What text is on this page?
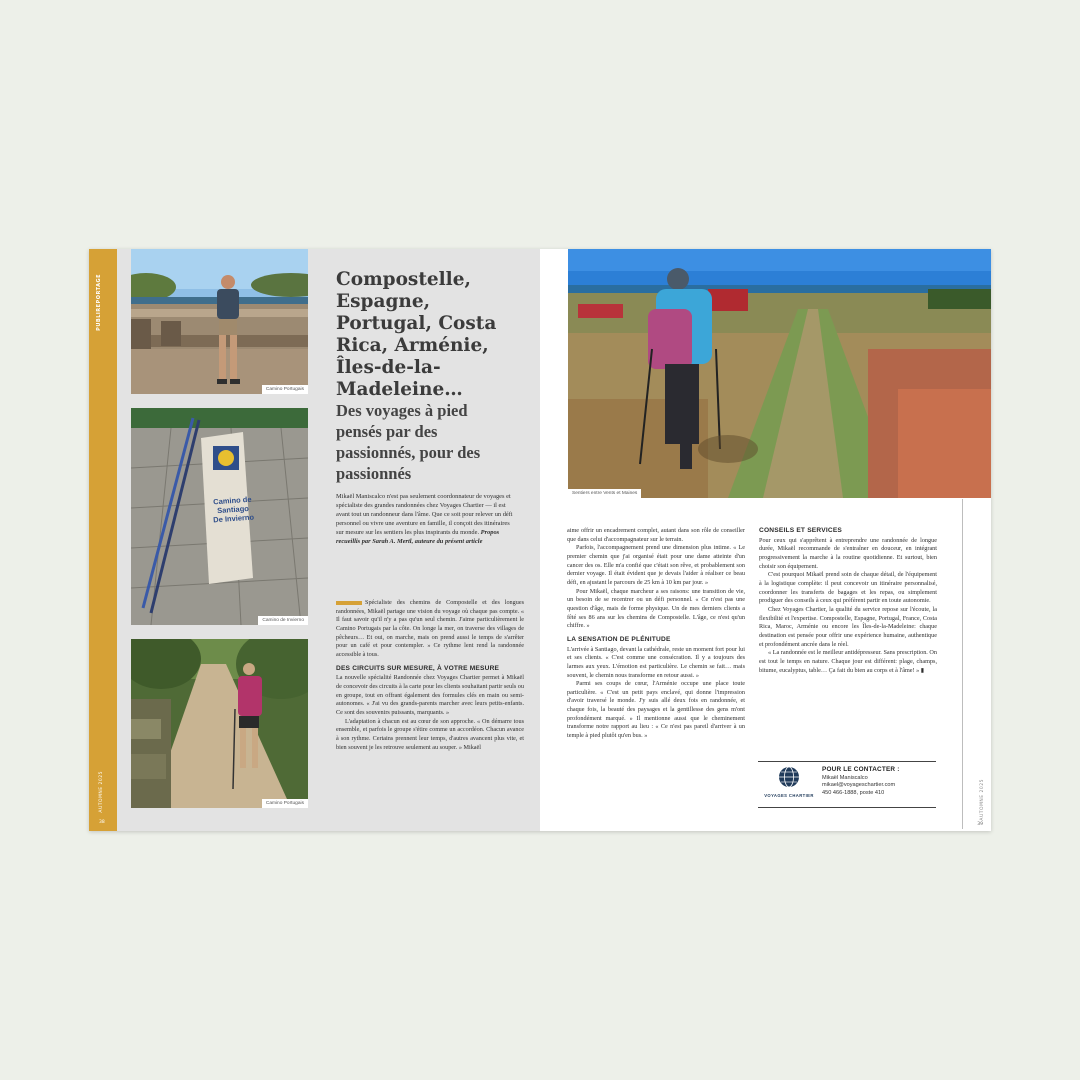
PUBLIREPORTAGE
AUTOMNE 2025
38
Camino Portugais
Camino de
Santiago
De Invierno
Camino de Invierno
Camino Portugais
Compostelle, Espagne, Portugal, Costa Rica, Arménie, Îles-de-la-Madeleine…
Des voyages à pied pensés par des passionnés, pour des passionnés
Mikaël Maniscalco n'est pas seulement coordonnateur de voyages et spécialiste des grandes randonnées chez Voyages Chartier — il est avant tout un randonneur dans l'âme. Que ce soit pour relever un défi personnel ou vivre une aventure en famille, il conçoit des itinéraires sur mesure sur les sentiers les plus inspirants du monde. Propos recueillis par Sarah A. Mertl, auteure du présent article

Spécialiste des chemins de Compostelle et des longues randonnées, Mikaël partage une vision du voyage où chaque pas compte. « Il faut savoir qu'il n'y a pas qu'un seul chemin. J'aime particulièrement le Camino Portugais par la côte. On longe la mer, on traverse des villages de pêcheurs… Et oui, on marche, mais on prend aussi le temps de s'arrêter pour un café et pour contempler. » Ce rythme lent rend la randonnée accessible à tous.

DES CIRCUITS SUR MESURE, À VOTRE MESURE

La nouvelle spécialité Randonnée chez Voyages Chartier permet à Mikaël de concevoir des circuits à la carte pour les clients souhaitant partir seuls ou en groupe, tout en offrant également des formules clés en main ou semi-autonomes. « J'ai vu des grands-parents marcher avec leurs petits-enfants. Ce sont des souvenirs puissants, marquants. »

L'adaptation à chacun est au cœur de son approche. « On démarre tous ensemble, et parfois le groupe s'étire comme un accordéon. Chacun avance à son rythme. Certains prennent leur temps, d'autres avancent plus vite, et bien souvent je les retrouve seulement au souper. » Mikaël

Sentiers entre Vents et Maines

aime offrir un encadrement complet, autant dans son rôle de conseiller que dans celui d'accompagnateur sur le terrain.

Parfois, l'accompagnement prend une dimension plus intime. « Le premier chemin que j'ai organisé était pour une dame atteinte d'un cancer des os. Elle m'a confié que c'était son rêve, et probablement son dernier voyage. Il était évident que je devais l'aider à réaliser ce beau défi, en ajustant le parcours de 25 km à 10 km par jour. »

Pour Mikaël, chaque marcheur a ses raisons: une transition de vie, un besoin de se recentrer ou un défi personnel. « Ce n'est pas une question d'âge, mais de forme physique. Un de mes derniers clients a fêté ses 86 ans sur les chemins de Compostelle. L'âge, ce n'est qu'un chiffre. »

LA SENSATION DE PLÉNITUDE

L'arrivée à Santiago, devant la cathédrale, reste un moment fort pour lui et ses clients. « C'est comme une consécration. Il y a toujours des larmes aux yeux. L'émotion est particulière. Le chemin se fait… mais souvent, le chemin nous transforme en retour aussi. »

Parmi ses coups de cœur, l'Arménie occupe une place toute particulière. « C'est un petit pays enclavé, qui donne l'impression d'avoir traversé le monde. J'y suis allé deux fois en randonnée, et chaque fois, la beauté des paysages et la gentillesse des gens m'ont profondément marqué. » Il mentionne aussi que le cheminement transforme notre rapport au lieu : « Ce n'est pas pareil d'arriver à un temple à pied plutôt qu'en bus. »

CONSEILS ET SERVICES

Pour ceux qui s'apprêtent à entreprendre une randonnée de longue durée, Mikaël recommande de s'entraîner en douceur, en intégrant progressivement la marche à la routine quotidienne. Et surtout, bien choisir son équipement.

C'est pourquoi Mikaël prend soin de chaque détail, de l'équipement à la logistique complète: il peut concevoir un itinéraire personnalisé, coordonner les transferts de bagages et les repas, ou simplement prodiguer des conseils à ceux qui préfèrent partir en toute autonomie.

Chez Voyages Chartier, la qualité du service repose sur l'écoute, la flexibilité et l'expertise. Compostelle, Espagne, Portugal, France, Costa Rica, Maroc, Arménie ou encore les Îles-de-la-Madeleine: chaque destination est pensée pour offrir une expérience humaine, authentique et profondément ancrée dans le réel.

« La randonnée est le meilleur antidépresseur. Sans prescription. On est tout le temps en nature. Chaque jour est différent: plage, champs, bitume, eucalyptus, table… Ça fait du bien au corps et à l'âme! » ▮

VOYAGES CHARTIER
POUR LE CONTACTER :
Mikaël Maniscalco
mikael@voyageschartier.com
450 466-1888, poste 410	AUTOMNE 2025
39
